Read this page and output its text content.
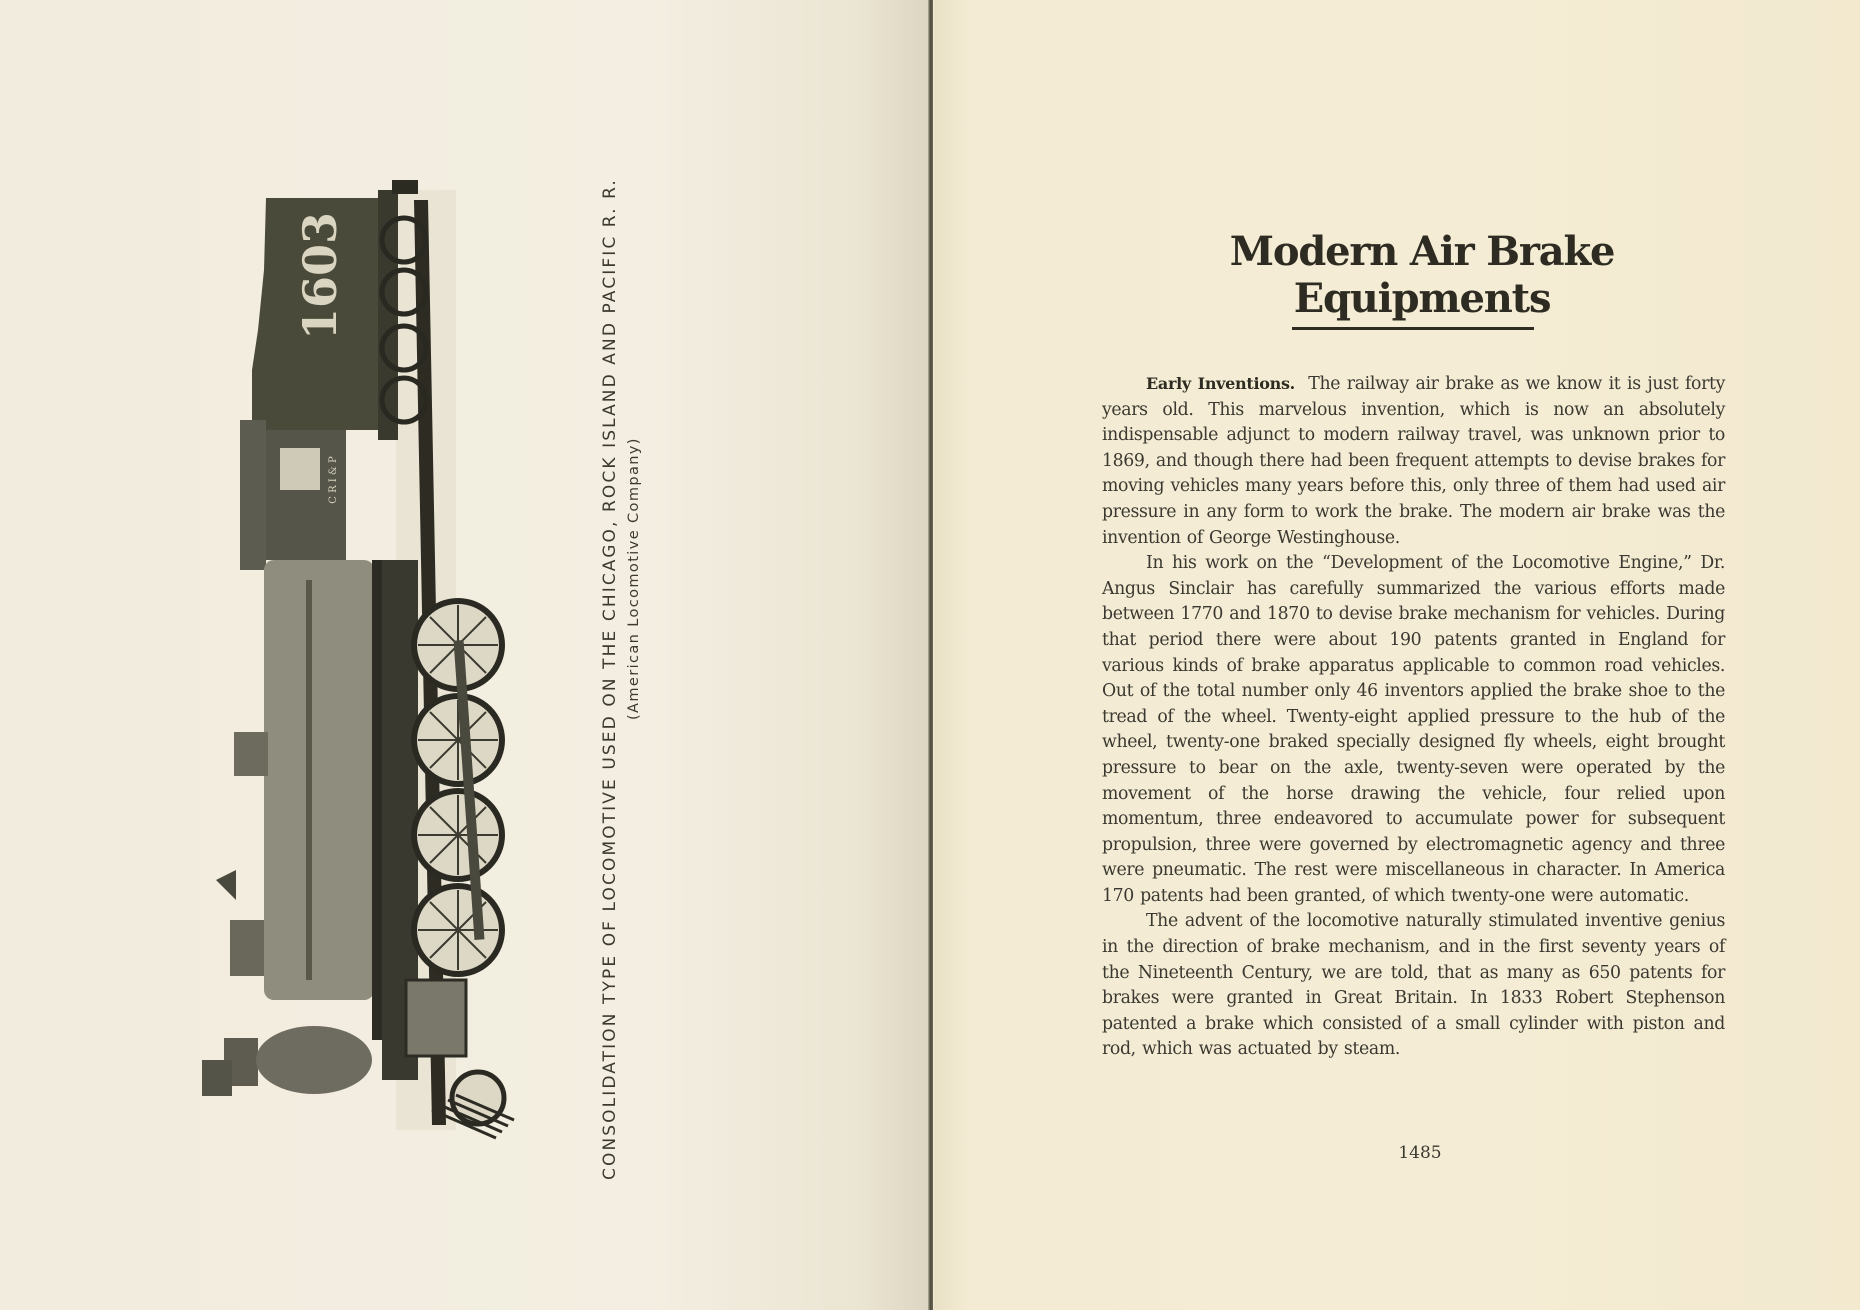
1603
C R I & P	CONSOLIDATION TYPE OF LOCOMOTIVE USED ON THE CHICAGO, ROCK ISLAND AND PACIFIC R. R. (American Locomotive Company)
Modern Air Brake Equipments

Early Inventions. The railway air brake as we know it is just forty years old. This marvelous invention, which is now an absolutely indispensable adjunct to modern railway travel, was unknown prior to 1869, and though there had been frequent attempts to devise brakes for moving vehicles many years before this, only three of them had used air pressure in any form to work the brake. The modern air brake was the invention of George Westinghouse.

In his work on the “Development of the Locomotive Engine,” Dr. Angus Sinclair has carefully summarized the various efforts made between 1770 and 1870 to devise brake mechanism for vehicles. During that period there were about 190 patents granted in England for various kinds of brake apparatus applicable to common road vehicles. Out of the total number only 46 inventors applied the brake shoe to the tread of the wheel. Twenty-eight applied pressure to the hub of the wheel, twenty-one braked specially designed fly wheels, eight brought pressure to bear on the axle, twenty-seven were operated by the movement of the horse drawing the vehicle, four relied upon momentum, three endeavored to accumulate power for subsequent propulsion, three were governed by electromagnetic agency and three were pneumatic. The rest were miscellaneous in character. In America 170 patents had been granted, of which twenty-one were automatic.

The advent of the locomotive naturally stimulated inventive genius in the direction of brake mechanism, and in the first seventy years of the Nineteenth Century, we are told, that as many as 650 patents for brakes were granted in Great Britain. In 1833 Robert Stephenson patented a brake which consisted of a small cylinder with piston and rod, which was actuated by steam.

1485
